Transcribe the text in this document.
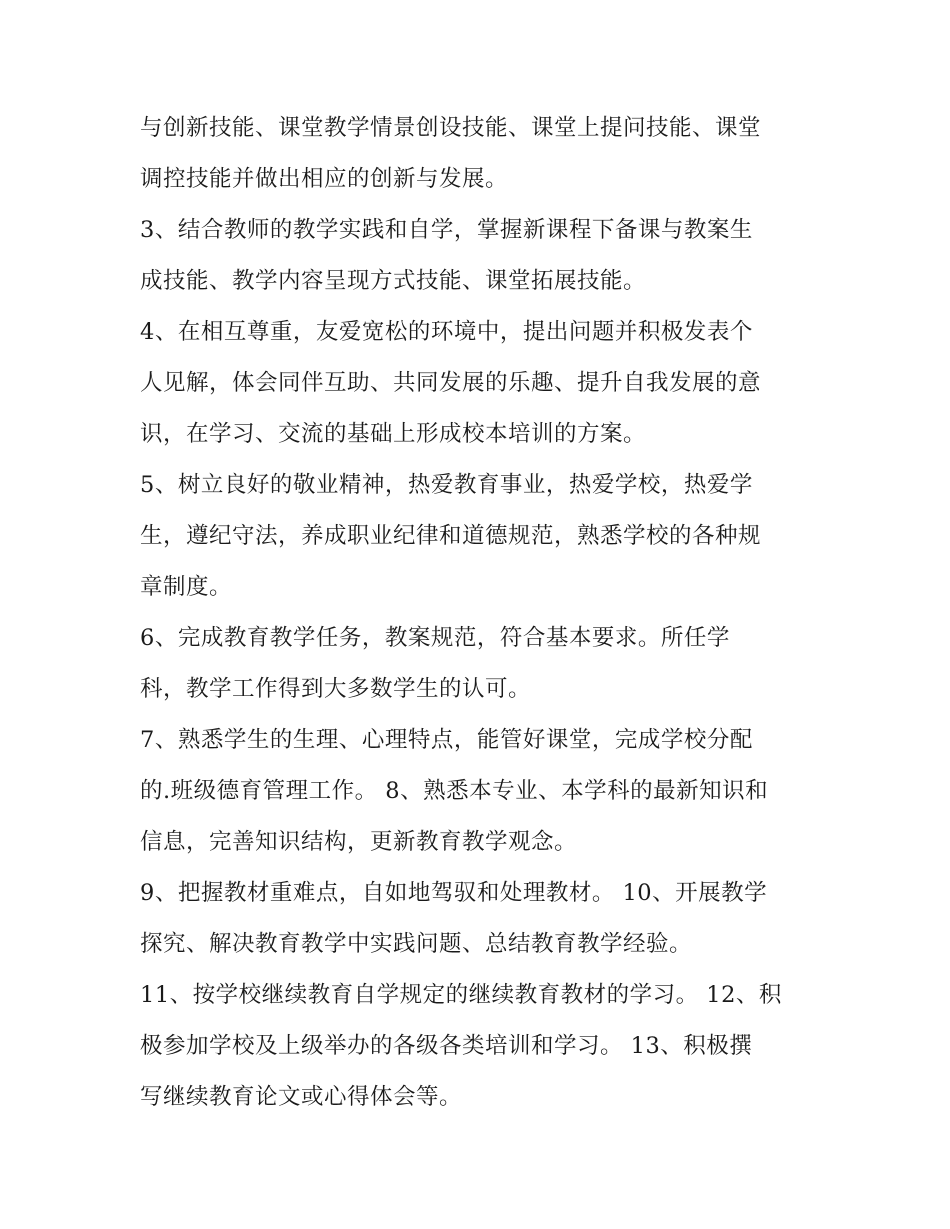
与创新技能、课堂教学情景创设技能、课堂上提问技能、课堂
调控技能并做出相应的创新与发展。
3、结合教师的教学实践和自学，掌握新课程下备课与教案生
成技能、教学内容呈现方式技能、课堂拓展技能。
4、在相互尊重，友爱宽松的环境中，提出问题并积极发表个
人见解，体会同伴互助、共同发展的乐趣、提升自我发展的意
识，在学习、交流的基础上形成校本培训的方案。
5、树立良好的敬业精神，热爱教育事业，热爱学校，热爱学
生，遵纪守法，养成职业纪律和道德规范，熟悉学校的各种规
章制度。
6、完成教育教学任务，教案规范，符合基本要求。所任学
科，教学工作得到大多数学生的认可。
7、熟悉学生的生理、心理特点，能管好课堂，完成学校分配
的.班级德育管理工作。 8、熟悉本专业、本学科的最新知识和
信息，完善知识结构，更新教育教学观念。
9、把握教材重难点，自如地驾驭和处理教材。 10、开展教学
探究、解决教育教学中实践问题、总结教育教学经验。
11、按学校继续教育自学规定的继续教育教材的学习。 12、积
极参加学校及上级举办的各级各类培训和学习。 13、积极撰
写继续教育论文或心得体会等。
